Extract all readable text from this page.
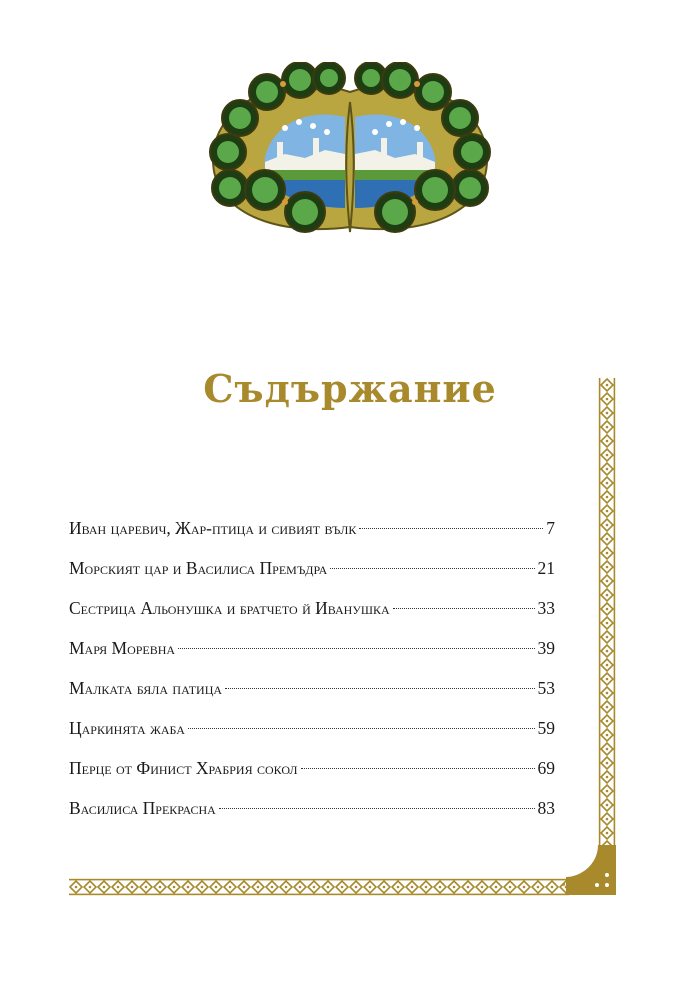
Съдържание
Иван царевич, Жар-птица и сивият вълк	7
Морският цар и Василиса Премъдра	21
Сестрица Альонушка и братчето й Иванушка	33
Маря Моревна	39
Малката бяла патица	53
Царкинята жаба	59
Перце от Финист Храбрия сокол	69
Василиса Прекрасна	83
